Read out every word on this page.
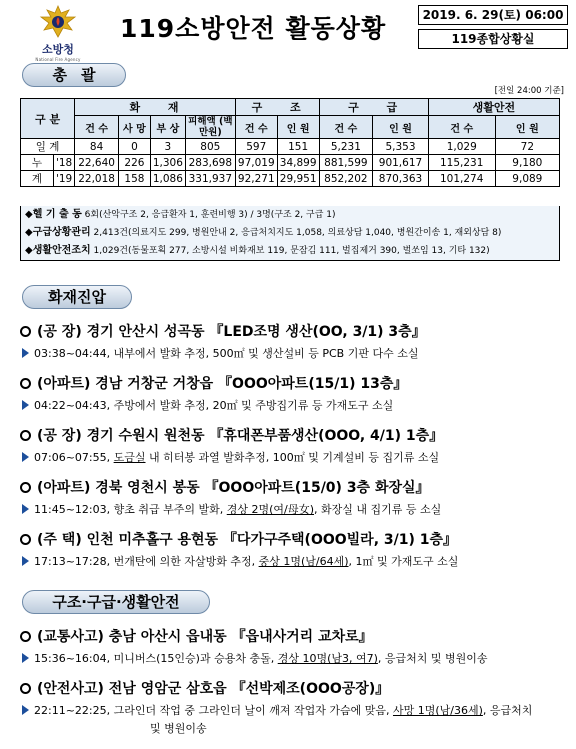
소방청
National Fire Agency
119소방안전 활동상황	2019. 6. 29(토) 06:00
119종합상황실
총괄
[전일 24:00 기준]
구 분		화 재				구 조		구 급		생활안전	
		건 수	사 망	부 상	피해액 (백만원)	건 수	인 원	건 수	인 원	건 수	인 원
일 계		84	0	3	805	597	151	5,231	5,353	1,029	72
누	'18	22,640	226	1,306	283,698	97,019	34,899	881,599	901,617	115,231	9,180
계	'19	22,018	158	1,086	331,937	92,271	29,951	852,202	870,363	101,274	9,089
◆헬 기 출 동 6회(산악구조 2, 응급환자 1, 훈련비행 3) / 3명(구조 2, 구급 1)
◆구급상황관리 2,413건(의료지도 299, 병원안내 2, 응급처치지도 1,058, 의료상담 1,040, 병원간이송 1, 재외상담 8)
◆생활안전조치 1,029건(동물포획 277, 소방시설 비화재보 119, 문잠김 111, 벌집제거 390, 벌쏘임 13, 기타 132)
화재진압
(공 장) 경기 안산시 성곡동 『LED조명 생산(OO, 3/1) 3층』
03:38~04:44, 내부에서 발화 추정, 500㎡ 및 생산설비 등 PCB 기판 다수 소실
(아파트) 경남 거창군 거창읍 『OOO아파트(15/1) 13층』
04:22~04:43, 주방에서 발화 추정, 20㎡ 및 주방집기류 등 가재도구 소실
(공 장) 경기 수원시 원천동 『휴대폰부품생산(OOO, 4/1) 1층』
07:06~07:55, 도금실 내 히터봉 과열 발화추정, 100㎡ 및 기계설비 등 집기류 소실
(아파트) 경북 영천시 봉동 『OOO아파트(15/0) 3층 화장실』
11:45~12:03, 향초 취급 부주의 발화, 경상 2명(여/母女), 화장실 내 집기류 등 소실
(주 택) 인천 미추홀구 용현동 『다가구주택(OOO빌라, 3/1) 1층』
17:13~17:28, 번개탄에 의한 자살방화 추정, 중상 1명(남/64세), 1㎡ 및 가재도구 소실
구조·구급·생활안전
(교통사고) 충남 아산시 읍내동 『읍내사거리 교차로』
15:36~16:04, 미니버스(15인승)과 승용차 충돌, 경상 10명(남3, 여7), 응급처치 및 병원이송
(안전사고) 전남 영암군 삼호읍 『선박제조(OOO공장)』
22:11~22:25, 그라인더 작업 중 그라인더 날이 깨져 작업자 가슴에 맞음, 사망 1명(남/36세), 응급처치
및 병원이송
